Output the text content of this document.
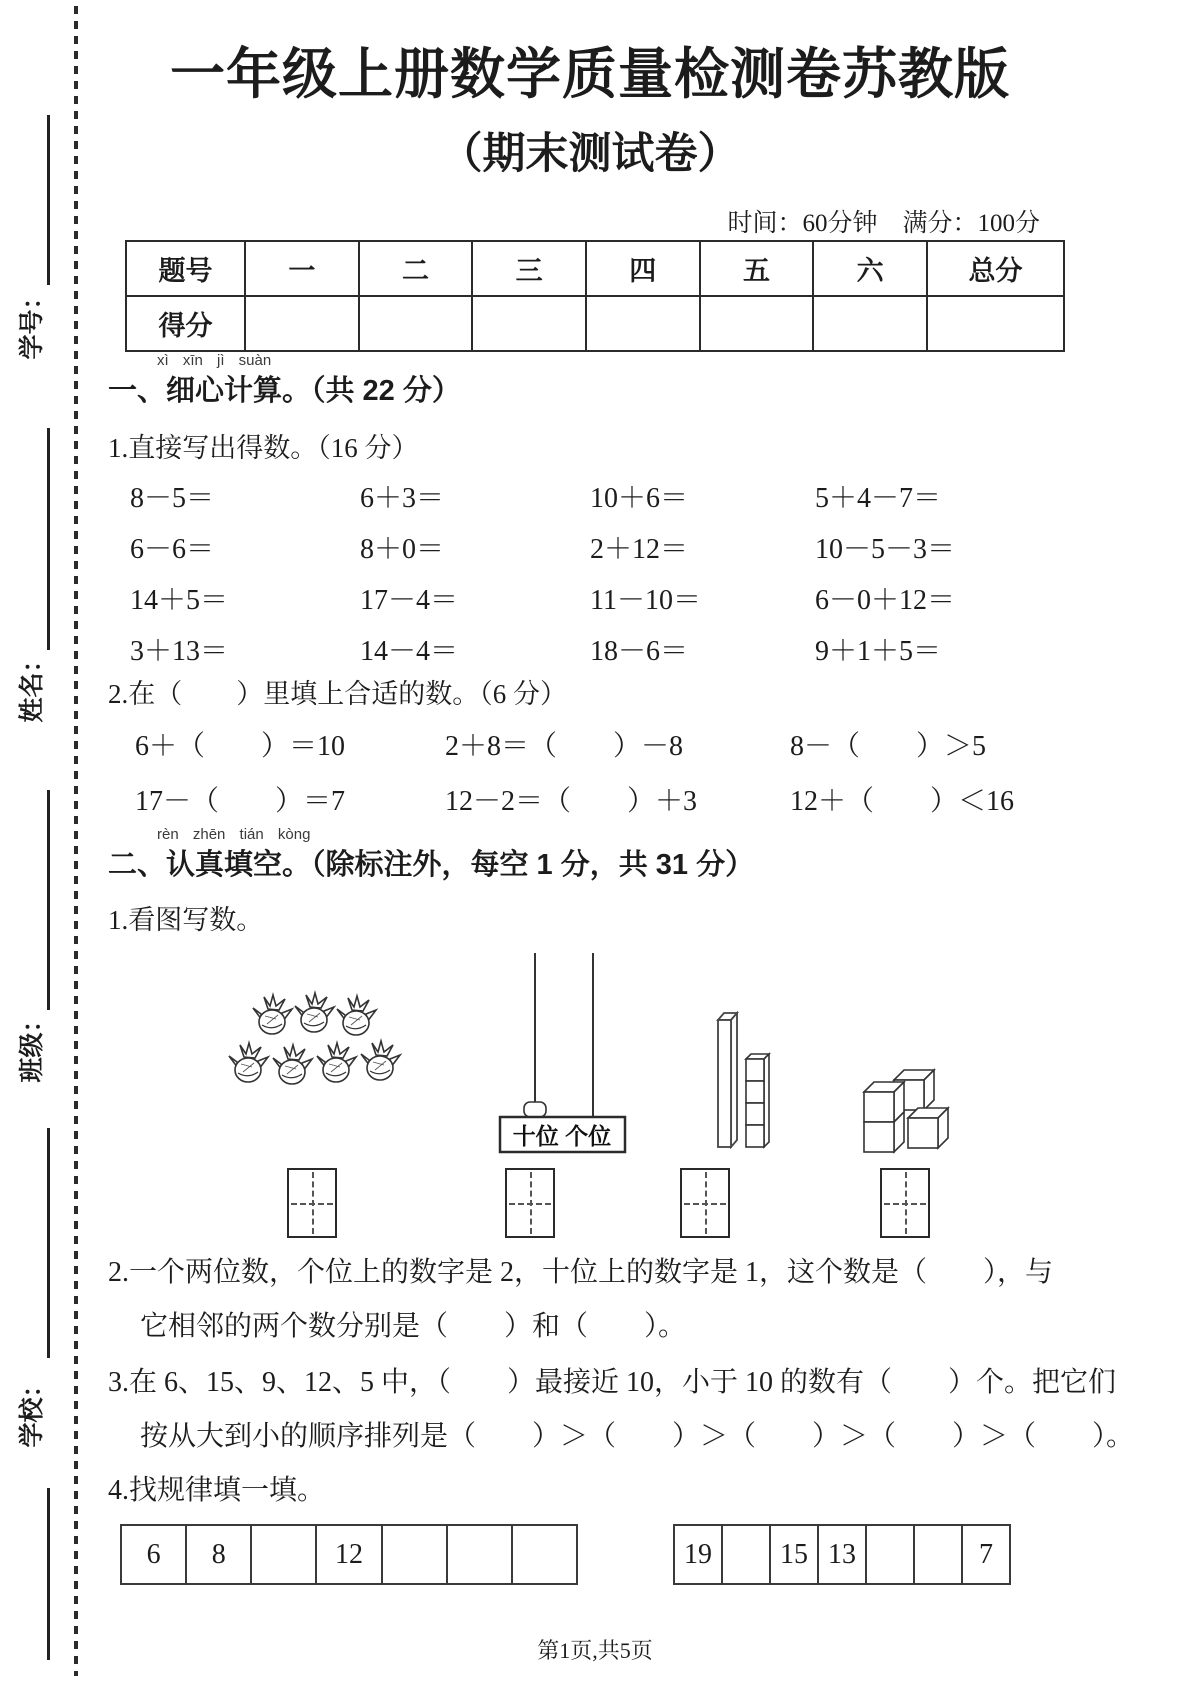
学号：
姓名：
班级：
学校：
一年级上册数学质量检测卷苏教版
（期末测试卷）
时间：60分钟　满分：100分
题号	一	二	三	四	五	六	总分
得分							
xì xīn jì suàn
一、细心计算。（共 22 分）
1.直接写出得数。（16 分）
8－5＝	6＋3＝	10＋6＝	5＋4－7＝
6－6＝	8＋0＝	2＋12＝	10－5－3＝
14＋5＝	17－4＝	11－10＝	6－0＋12＝
3＋13＝	14－4＝	18－6＝	9＋1＋5＝
2.在（　　）里填上合适的数。（6 分）
6＋（　　）＝10	2＋8＝（　　）－8	8－（　　）＞5
17－（　　）＝7	12－2＝（　　）＋3	12＋（　　）＜16
rèn zhēn tián kòng
二、认真填空。（除标注外，每空 1 分，共 31 分）
1.看图写数。
十位 个位
2.一个两位数，个位上的数字是 2，十位上的数字是 1，这个数是（　　），与
它相邻的两个数分别是（　　）和（　　）。
3.在 6、15、9、12、5 中，（　　）最接近 10，小于 10 的数有（　　）个。把它们
按从大到小的顺序排列是（　　）＞（　　）＞（　　）＞（　　）＞（　　）。
4.找规律填一填。
6	8		12				19		15	13			7
第1页,共5页
